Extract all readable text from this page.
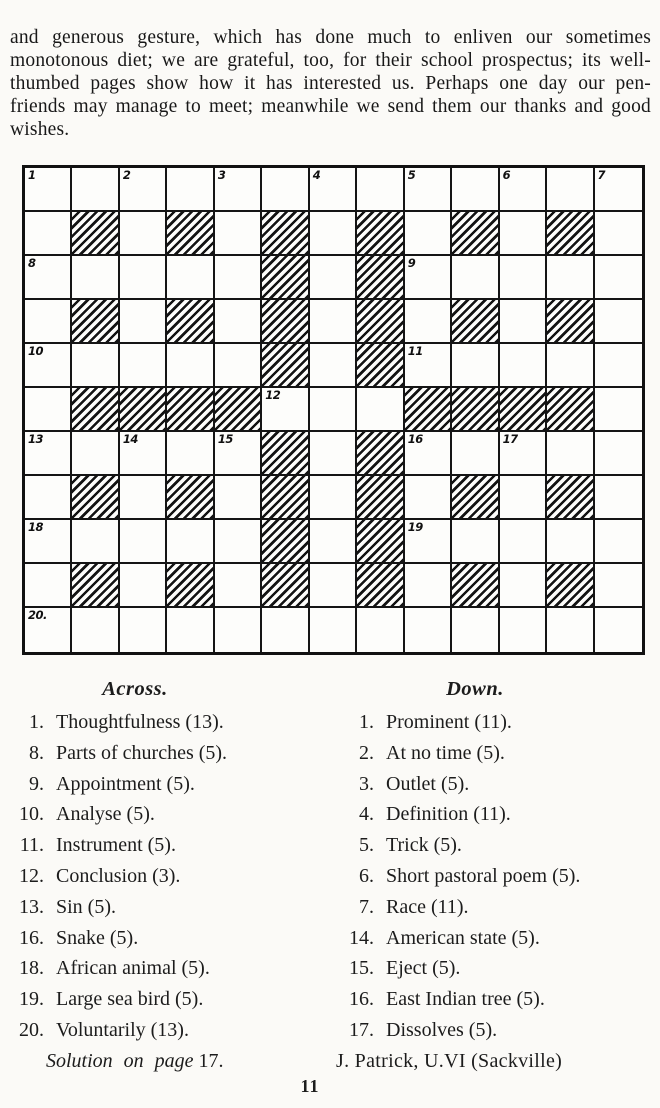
and generous gesture, which has done much to enliven our sometimes monotonous diet; we are grateful, too, for their school prospectus; its well-thumbed pages show how it has interested us. Perhaps one day our pen-friends may manage to meet; meanwhile we send them our thanks and good wishes.

1	2	3	4	5	6	7
8	9
10	11
12
13	14	15	16	17
18	19
20.
Across.
1. Thoughtfulness (13).
8. Parts of churches (5).
9. Appointment (5).
10. Analyse (5).
11. Instrument (5).
12. Conclusion (3).
13. Sin (5).
16. Snake (5).
18. African animal (5).
19. Large sea bird (5).
20. Voluntarily (13).
Solution on page 17.
Down.
1. Prominent (11).
2. At no time (5).
3. Outlet (5).
4. Definition (11).
5. Trick (5).
6. Short pastoral poem (5).
7. Race (11).
14. American state (5).
15. Eject (5).
16. East Indian tree (5).
17. Dissolves (5).
J. Patrick, U.VI (Sackville)
11
